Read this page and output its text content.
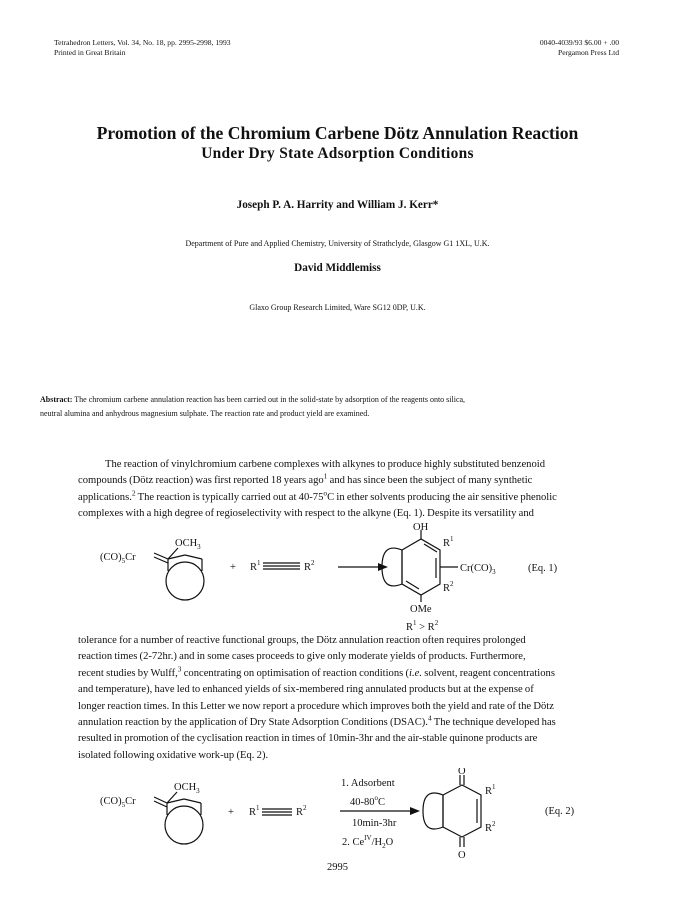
Tetrahedron Letters, Vol. 34, No. 18, pp. 2995-2998, 1993
Printed in Great Britain
0040-4039/93 $6.00 + .00
Pergamon Press Ltd
Promotion of the Chromium Carbene Dötz Annulation Reaction
Under Dry State Adsorption Conditions
Joseph P. A. Harrity and William J. Kerr*
Department of Pure and Applied Chemistry, University of Strathclyde, Glasgow G1 1XL, U.K.
David Middlemiss
Glaxo Group Research Limited, Ware SG12 0DP, U.K.
Abstract: The chromium carbene annulation reaction has been carried out in the solid-state by adsorption of the reagents onto silica,
neutral alumina and anhydrous magnesium sulphate. The reaction rate and product yield are examined.
The reaction of vinylchromium carbene complexes with alkynes to produce highly substituted benzenoid
compounds (Dötz reaction) was first reported 18 years ago$^1$ and has since been the subject of many synthetic
applications.$^2$ The reaction is typically carried out at 40-75$^o$C in ether solvents producing the air sensitive phenolic
complexes with a high degree of regioselectivity with respect to the alkyne (Eq. 1). Despite its versatility and
$(CO)_5Cr$
$OCH_3$
+ $R^1$	$R^2$
OH
$R^1$
$Cr(CO)_3$
$R^2$
OMe
(Eq. 1)
$R^1 > R^2$
tolerance for a number of reactive functional groups, the Dötz annulation reaction often requires prolonged
reaction times (2-72hr.) and in some cases proceeds to give only moderate yields of products. Furthermore,
recent studies by Wulff,$^3$ concentrating on optimisation of reaction conditions (i.e. solvent, reagent concentrations
and temperature), have led to enhanced yields of six-membered ring annulated products but at the expense of
longer reaction times. In this Letter we now report a procedure which improves both the yield and rate of the Dötz
annulation reaction by the application of Dry State Adsorption Conditions (DSAC).$^4$ The technique developed has
resulted in promotion of the cyclisation reaction in times of 10min-3hr and the air-stable quinone products are
isolated following oxidative work-up (Eq. 2).
$(CO)_5Cr$
$OCH_3$
+ $R^1$	$R^2$
1. Adsorbent
40-80$^o$C
10min-3hr
2. $Ce^{IV}/H_2O$
O
O
$R^1$
$R^2$
(Eq. 2)
2995
